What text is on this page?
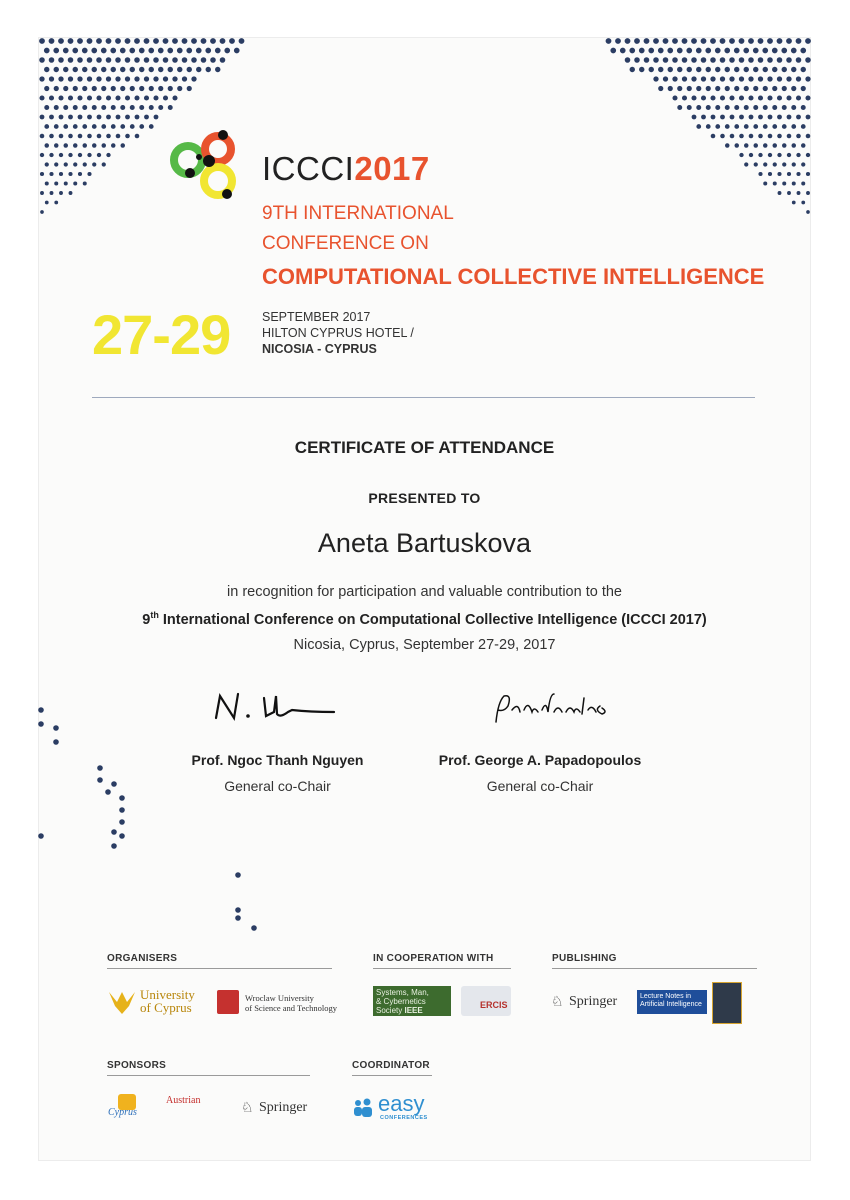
ICCCI2017
9TH INTERNATIONAL
CONFERENCE ON
COMPUTATIONAL COLLECTIVE INTELLIGENCE
27-29	SEPTEMBER 2017
HILTON CYPRUS HOTEL /
NICOSIA - CYPRUS
CERTIFICATE OF ATTENDANCE
PRESENTED TO
Aneta Bartuskova
in recognition for participation and valuable contribution to the
9th International Conference on Computational Collective Intelligence (ICCCI 2017)
Nicosia, Cyprus, September 27-29, 2017
Prof. Ngoc Thanh Nguyen
General co-Chair
Prof. George A. Papadopoulos
General co-Chair
ORGANISERS
University
of Cyprus
Wroclaw University
of Science and Technology
IN COOPERATION WITH
Systems, Man,
& Cybernetics
Society IEEE
ERCIS
PUBLISHING
♘ Springer	Lecture Notes in
Artificial Intelligence
SPONSORS
Cyprus
Austrian	♘ Springer
COORDINATOR
easy
CONFERENCES
